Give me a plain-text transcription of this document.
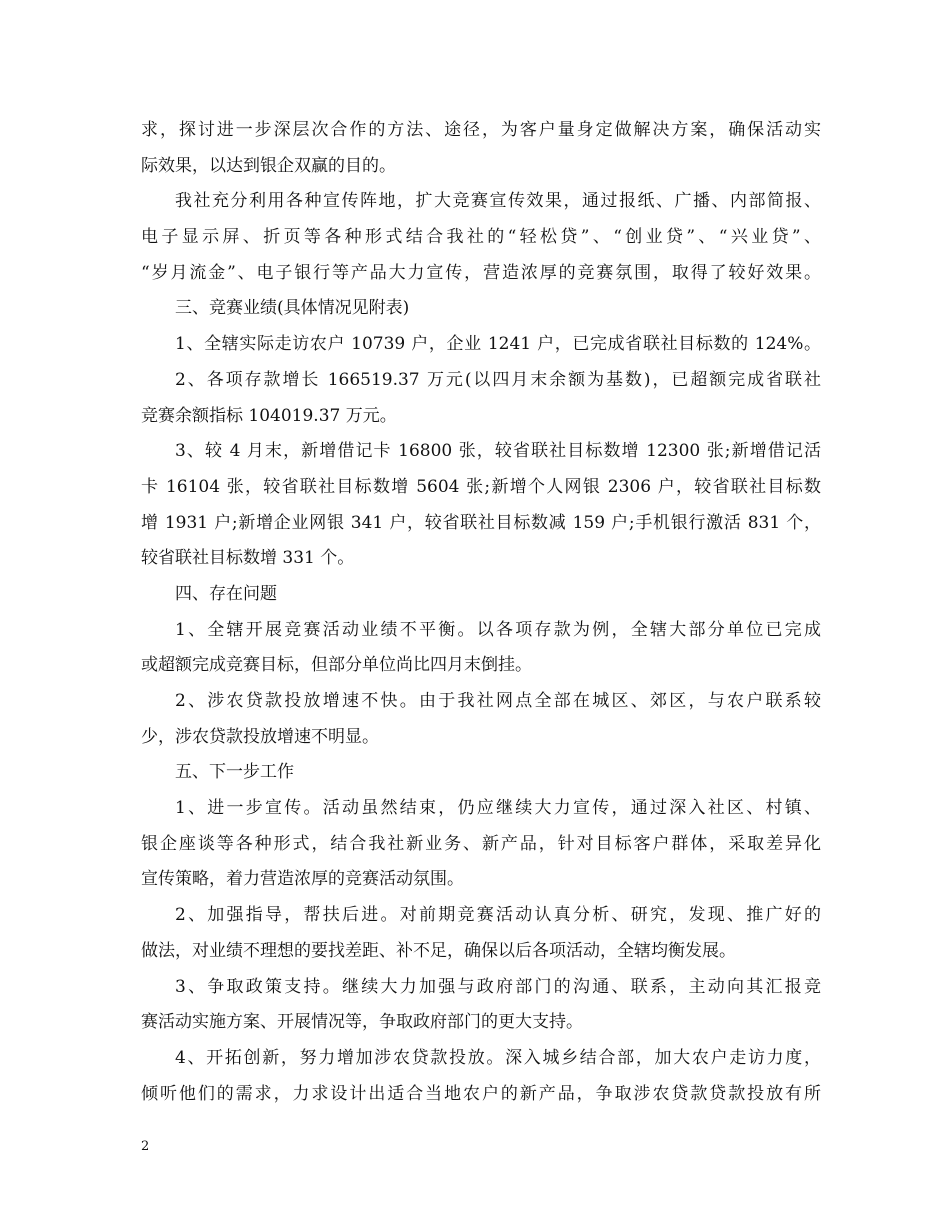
求，探讨进一步深层次合作的方法、途径，为客户量身定做解决方案，确保活动实
际效果，以达到银企双赢的目的。
我社充分利用各种宣传阵地，扩大竞赛宣传效果，通过报纸、广播、内部简报、
电子显示屏、折页等各种形式结合我社的“轻松贷”、“创业贷”、“兴业贷”、
“岁月流金”、电子银行等产品大力宣传，营造浓厚的竞赛氛围，取得了较好效果。
三、竞赛业绩(具体情况见附表)
1、全辖实际走访农户 10739 户，企业 1241 户，已完成省联社目标数的 124%。
2、各项存款增长 166519.37 万元(以四月末余额为基数)，已超额完成省联社
竞赛余额指标 104019.37 万元。
3、较 4 月末，新增借记卡 16800 张，较省联社目标数增 12300 张;新增借记活
卡 16104 张，较省联社目标数增 5604 张;新增个人网银 2306 户，较省联社目标数
增 1931 户;新增企业网银 341 户，较省联社目标数减 159 户;手机银行激活 831 个，
较省联社目标数增 331 个。
四、存在问题
1、全辖开展竞赛活动业绩不平衡。以各项存款为例，全辖大部分单位已完成
或超额完成竞赛目标，但部分单位尚比四月末倒挂。
2、涉农贷款投放增速不快。由于我社网点全部在城区、郊区，与农户联系较
少，涉农贷款投放增速不明显。
五、下一步工作
1、进一步宣传。活动虽然结束，仍应继续大力宣传，通过深入社区、村镇、
银企座谈等各种形式，结合我社新业务、新产品，针对目标客户群体，采取差异化
宣传策略，着力营造浓厚的竞赛活动氛围。
2、加强指导，帮扶后进。对前期竞赛活动认真分析、研究，发现、推广好的
做法，对业绩不理想的要找差距、补不足，确保以后各项活动，全辖均衡发展。
3、争取政策支持。继续大力加强与政府部门的沟通、联系，主动向其汇报竞
赛活动实施方案、开展情况等，争取政府部门的更大支持。
4、开拓创新，努力增加涉农贷款投放。深入城乡结合部，加大农户走访力度，
倾听他们的需求，力求设计出适合当地农户的新产品，争取涉农贷款贷款投放有所
2
